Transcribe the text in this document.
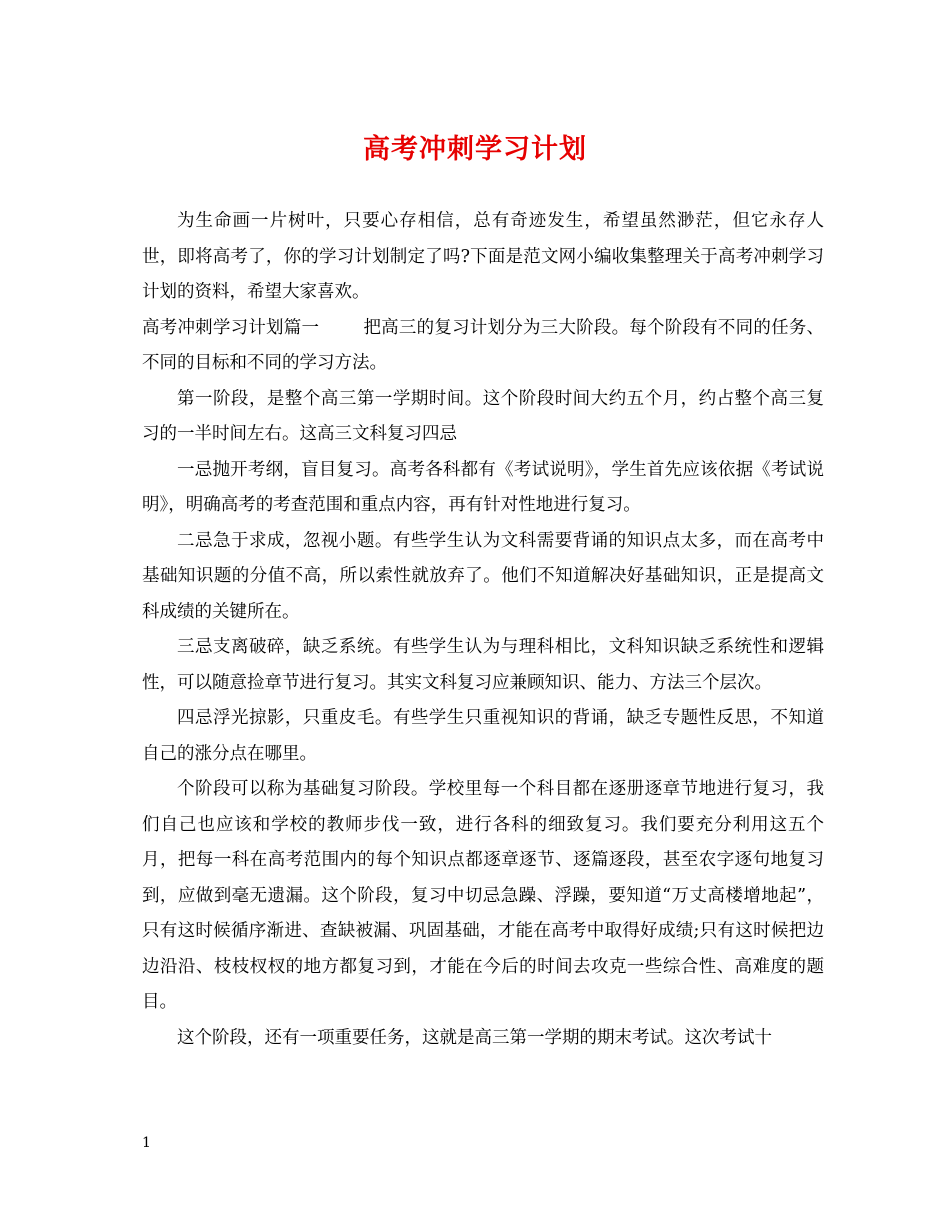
高考冲刺学习计划

为生命画一片树叶，只要心存相信，总有奇迹发生，希望虽然渺茫，但它永存人世，即将高考了，你的学习计划制定了吗?下面是范文网小编收集整理关于高考冲刺学习计划的资料，希望大家喜欢。

高考冲刺学习计划篇一	把高三的复习计划分为三大阶段。每个阶段有不同的任务、不同的目标和不同的学习方法。

第一阶段，是整个高三第一学期时间。这个阶段时间大约五个月，约占整个高三复习的一半时间左右。这高三文科复习四忌

一忌抛开考纲，盲目复习。高考各科都有《考试说明》，学生首先应该依据《考试说明》，明确高考的考查范围和重点内容，再有针对性地进行复习。

二忌急于求成，忽视小题。有些学生认为文科需要背诵的知识点太多，而在高考中基础知识题的分值不高，所以索性就放弃了。他们不知道解决好基础知识，正是提高文科成绩的关键所在。

三忌支离破碎，缺乏系统。有些学生认为与理科相比，文科知识缺乏系统性和逻辑性，可以随意捡章节进行复习。其实文科复习应兼顾知识、能力、方法三个层次。

四忌浮光掠影，只重皮毛。有些学生只重视知识的背诵，缺乏专题性反思，不知道自己的涨分点在哪里。

个阶段可以称为基础复习阶段。学校里每一个科目都在逐册逐章节地进行复习，我们自己也应该和学校的教师步伐一致，进行各科的细致复习。我们要充分利用这五个月，把每一科在高考范围内的每个知识点都逐章逐节、逐篇逐段，甚至农字逐句地复习到，应做到毫无遗漏。这个阶段，复习中切忌急躁、浮躁，要知道“万丈高楼增地起”，只有这时候循序渐进、查缺被漏、巩固基础，才能在高考中取得好成绩;只有这时候把边边沿沿、枝枝杈杈的地方都复习到，才能在今后的时间去攻克一些综合性、高难度的题目。

这个阶段，还有一项重要任务，这就是高三第一学期的期末考试。这次考试十

1
